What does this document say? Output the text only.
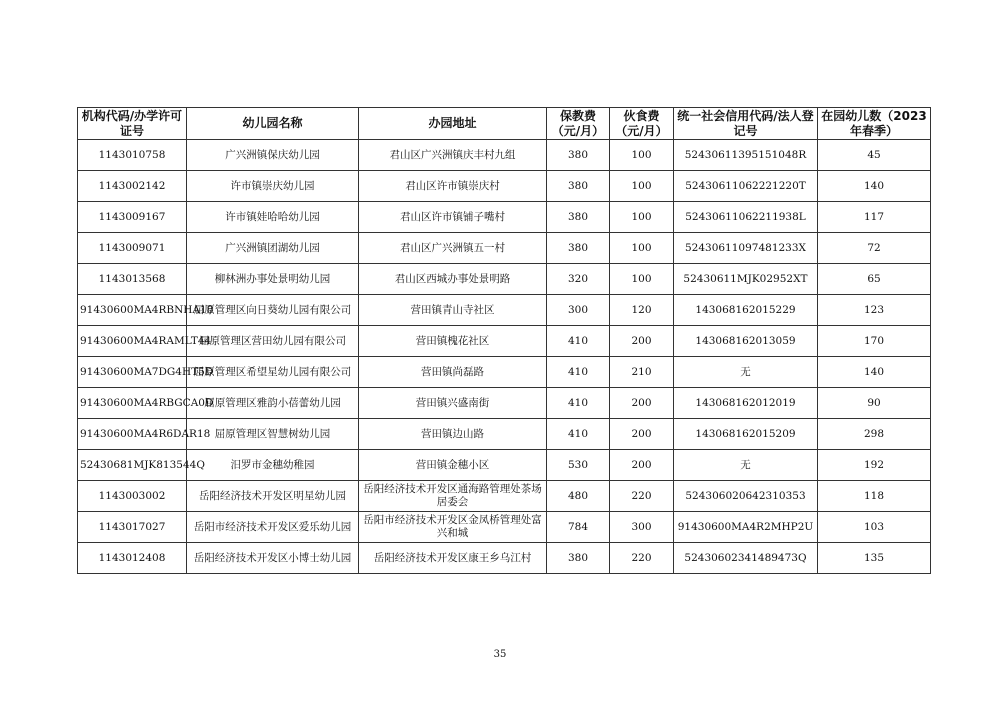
机构代码/办学许可证号	幼儿园名称	办园地址	保教费（元/月）	伙食费（元/月）	统一社会信用代码/法人登记号	在园幼儿数（2023年春季）
1143010758	广兴洲镇保庆幼儿园	君山区广兴洲镇庆丰村九组	380	100	52430611395151048R	45
1143002142	许市镇崇庆幼儿园	君山区许市镇崇庆村	380	100	52430611062221220T	140
1143009167	许市镇娃哈哈幼儿园	君山区许市镇铺子嘴村	380	100	52430611062211938L	117
1143009071	广兴洲镇团湖幼儿园	君山区广兴洲镇五一村	380	100	52430611097481233X	72
1143013568	柳林洲办事处景明幼儿园	君山区西城办事处景明路	320	100	52430611MJK02952XT	65
91430600MA4RBNHA18	屈原管理区向日葵幼儿园有限公司	营田镇青山寺社区	300	120	143068162015229	123
91430600MA4RAMLT44	屈原管理区营田幼儿园有限公司	营田镇槐花社区	410	200	143068162013059	170
91430600MA7DG4HT5D	屈原管理区希望星幼儿园有限公司	营田镇尚磊路	410	210	无	140
91430600MA4RBGCA0D	屈原管理区雅韵小蓓蕾幼儿园	营田镇兴盛南街	410	200	143068162012019	90
91430600MA4R6DAR18	屈原管理区智慧树幼儿园	营田镇边山路	410	200	143068162015209	298
52430681MJK813544Q	汨罗市金穗幼稚园	营田镇金穗小区	530	200	无	192
1143003002	岳阳经济技术开发区明星幼儿园	岳阳经济技术开发区通海路管理处茶场居委会	480	220	524306020642310353	118
1143017027	岳阳市经济技术开发区爱乐幼儿园	岳阳市经济技术开发区金凤桥管理处富兴和城	784	300	91430600MA4R2MHP2U	103
1143012408	岳阳经济技术开发区小博士幼儿园	岳阳经济技术开发区康王乡乌江村	380	220	52430602341489473Q	135
35
